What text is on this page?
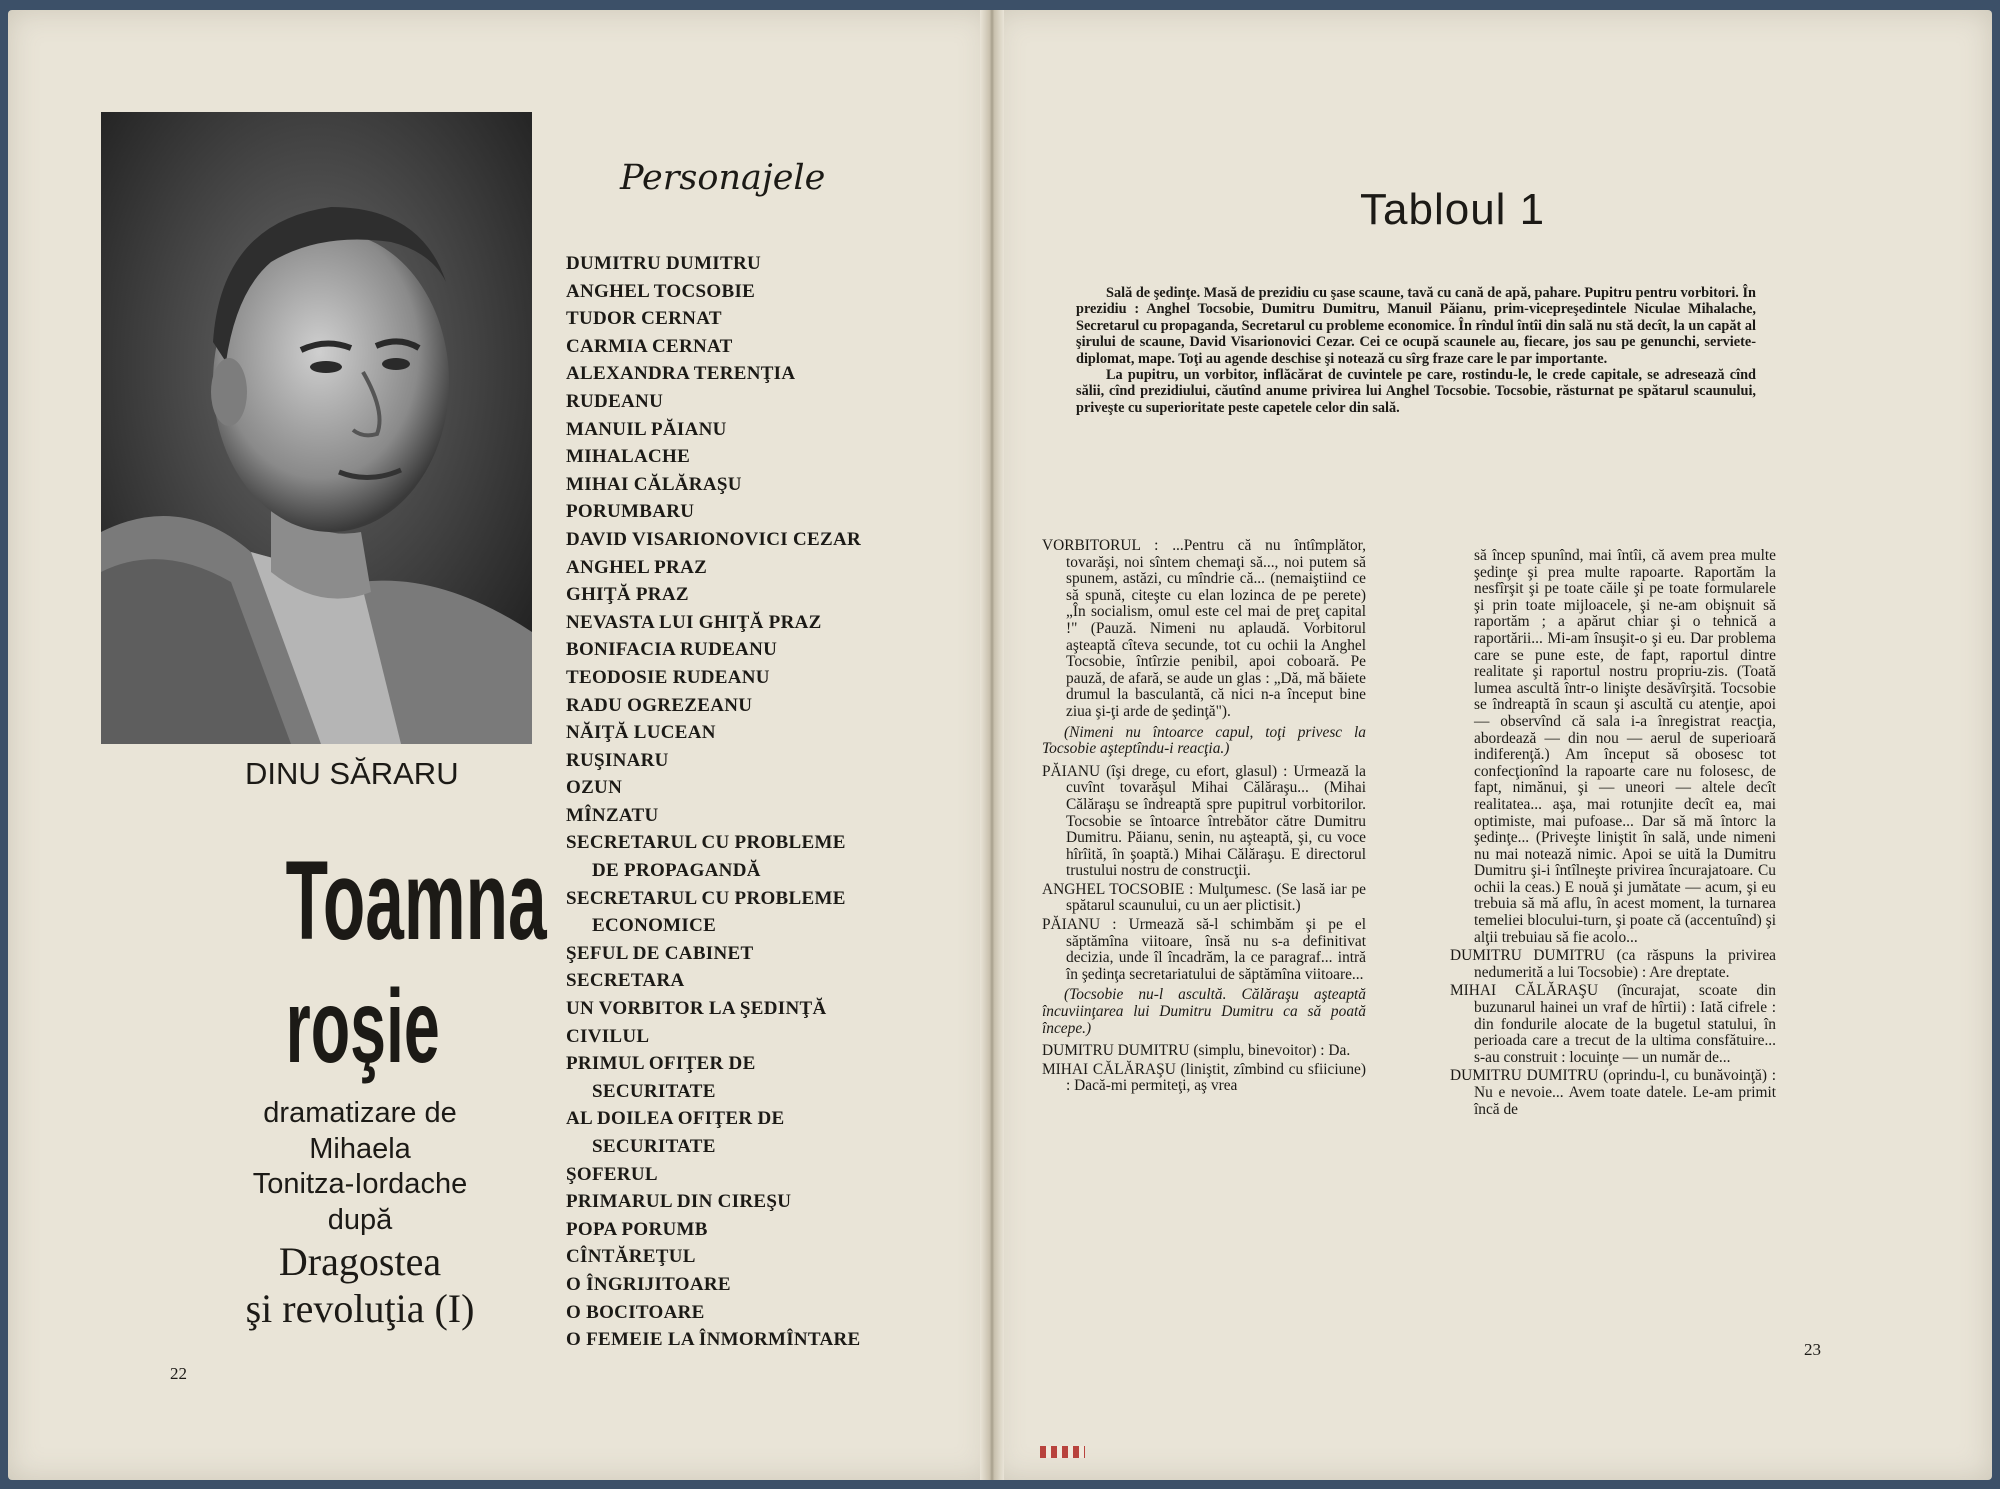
DINU SĂRARU
Toamna
roşie
dramatizare de
Mihaela
Tonitza-Iordache
după
Dragostea
şi revoluţia (I)
22
Personajele
DUMITRU DUMITRU
ANGHEL TOCSOBIE
TUDOR CERNAT
CARMIA CERNAT
ALEXANDRA TERENŢIA
RUDEANU
MANUIL PĂIANU
MIHALACHE
MIHAI CĂLĂRAŞU
PORUMBARU
DAVID VISARIONOVICI CEZAR
ANGHEL PRAZ
GHIŢĂ PRAZ
NEVASTA LUI GHIŢĂ PRAZ
BONIFACIA RUDEANU
TEODOSIE RUDEANU
RADU OGREZEANU
NĂIŢĂ LUCEAN
RUŞINARU
OZUN
MÎNZATU
SECRETARUL CU PROBLEME
DE PROPAGANDĂ
SECRETARUL CU PROBLEME
ECONOMICE
ŞEFUL DE CABINET
SECRETARA
UN VORBITOR LA ŞEDINŢĂ
CIVILUL
PRIMUL OFIŢER DE
SECURITATE
AL DOILEA OFIŢER DE
SECURITATE
ŞOFERUL
PRIMARUL DIN CIREŞU
POPA PORUMB
CÎNTĂREŢUL
O ÎNGRIJITOARE
O BOCITOARE
O FEMEIE LA ÎNMORMÎNTARE
Tabloul 1

Sală de şedinţe. Masă de prezidiu cu şase scaune, tavă cu cană de apă, pahare. Pupitru pentru vorbitori. În prezidiu : Anghel Tocsobie, Dumitru Dumitru, Manuil Păianu, prim-vicepreşedintele Niculae Mihalache, Secretarul cu propaganda, Secretarul cu probleme economice. În rîndul întîi din sală nu stă decît, la un capăt al şirului de scaune, David Visarionovici Cezar. Cei ce ocupă scaunele au, fiecare, jos sau pe genunchi, serviete-diplomat, mape. Toţi au agende deschise şi notează cu sîrg fraze care le par importante.

La pupitru, un vorbitor, inflăcărat de cuvintele pe care, rostindu-le, le crede capitale, se adresează cînd sălii, cînd prezidiului, căutînd anume privirea lui Anghel Tocsobie. Tocsobie, răsturnat pe spătarul scaunului, priveşte cu superioritate peste capetele celor din sală.

VORBITORUL : ...Pentru că nu întîmplător, tovarăşi, noi sîntem chemaţi să..., noi putem să spunem, astăzi, cu mîndrie că... (nemaiştiind ce să spună, citeşte cu elan lozinca de pe perete) „În socialism, omul este cel mai de preţ capital !" (Pauză. Nimeni nu aplaudă. Vorbitorul aşteaptă cîteva secunde, tot cu ochii la Anghel Tocsobie, întîrzie penibil, apoi coboară. Pe pauză, de afară, se aude un glas : „Dă, mă băiete drumul la basculantă, că nici n-a început bine ziua şi-ţi arde de şedinţă").

(Nimeni nu întoarce capul, toţi privesc la Tocsobie aşteptîndu-i reacţia.)

PĂIANU (îşi drege, cu efort, glasul) : Urmează la cuvînt tovarăşul Mihai Călăraşu... (Mihai Călăraşu se îndreaptă spre pupitrul vorbitorilor. Tocsobie se întoarce întrebător către Dumitru Dumitru. Păianu, senin, nu aşteaptă, şi, cu voce hîrîită, în şoaptă.) Mihai Călăraşu. E directorul trustului nostru de construcţii.

ANGHEL TOCSOBIE : Mulţumesc. (Se lasă iar pe spătarul scaunului, cu un aer plictisit.)

PĂIANU : Urmează să-l schimbăm şi pe el săptămîna viitoare, însă nu s-a definitivat decizia, unde îl încadrăm, la ce paragraf... intră în şedinţa secretariatului de săptămîna viitoare...

(Tocsobie nu-l ascultă. Călăraşu aşteaptă încuviinţarea lui Dumitru Dumitru ca să poată începe.)

DUMITRU DUMITRU (simplu, binevoitor) : Da.

MIHAI CĂLĂRAŞU (liniştit, zîmbind cu sfiiciune) : Dacă-mi permiteţi, aş vrea

să încep spunînd, mai întîi, că avem prea multe şedinţe şi prea multe rapoarte. Raportăm la nesfîrşit şi pe toate căile şi pe toate formularele şi prin toate mijloacele, şi ne-am obişnuit să raportăm ; a apărut chiar şi o tehnică a raportării... Mi-am însuşit-o şi eu. Dar problema care se pune este, de fapt, raportul dintre realitate şi raportul nostru propriu-zis. (Toată lumea ascultă într-o linişte desăvîrşită. Tocsobie se îndreaptă în scaun şi ascultă cu atenţie, apoi — observînd că sala i-a înregistrat reacţia, abordează — din nou — aerul de superioară indiferenţă.) Am început să obosesc tot confecţionînd la rapoarte care nu folosesc, de fapt, nimănui, şi — uneori — altele decît realitatea... aşa, mai rotunjite decît ea, mai optimiste, mai pufoase... Dar să mă întorc la şedinţe... (Priveşte liniştit în sală, unde nimeni nu mai notează nimic. Apoi se uită la Dumitru Dumitru şi-i întîlneşte privirea încurajatoare. Cu ochii la ceas.) E nouă şi jumătate — acum, şi eu trebuia să mă aflu, în acest moment, la turnarea temeliei blocului-turn, şi poate că (accentuînd) şi alţii trebuiau să fie acolo...

DUMITRU DUMITRU (ca răspuns la privirea nedumerită a lui Tocsobie) : Are dreptate.

MIHAI CĂLĂRAŞU (încurajat, scoate din buzunarul hainei un vraf de hîrtii) : Iată cifrele : din fondurile alocate de la bugetul statului, în perioada care a trecut de la ultima consfătuire... s-au construit : locuinţe — un număr de...

DUMITRU DUMITRU (oprindu-l, cu bunăvoinţă) : Nu e nevoie... Avem toate datele. Le-am primit încă de

23
